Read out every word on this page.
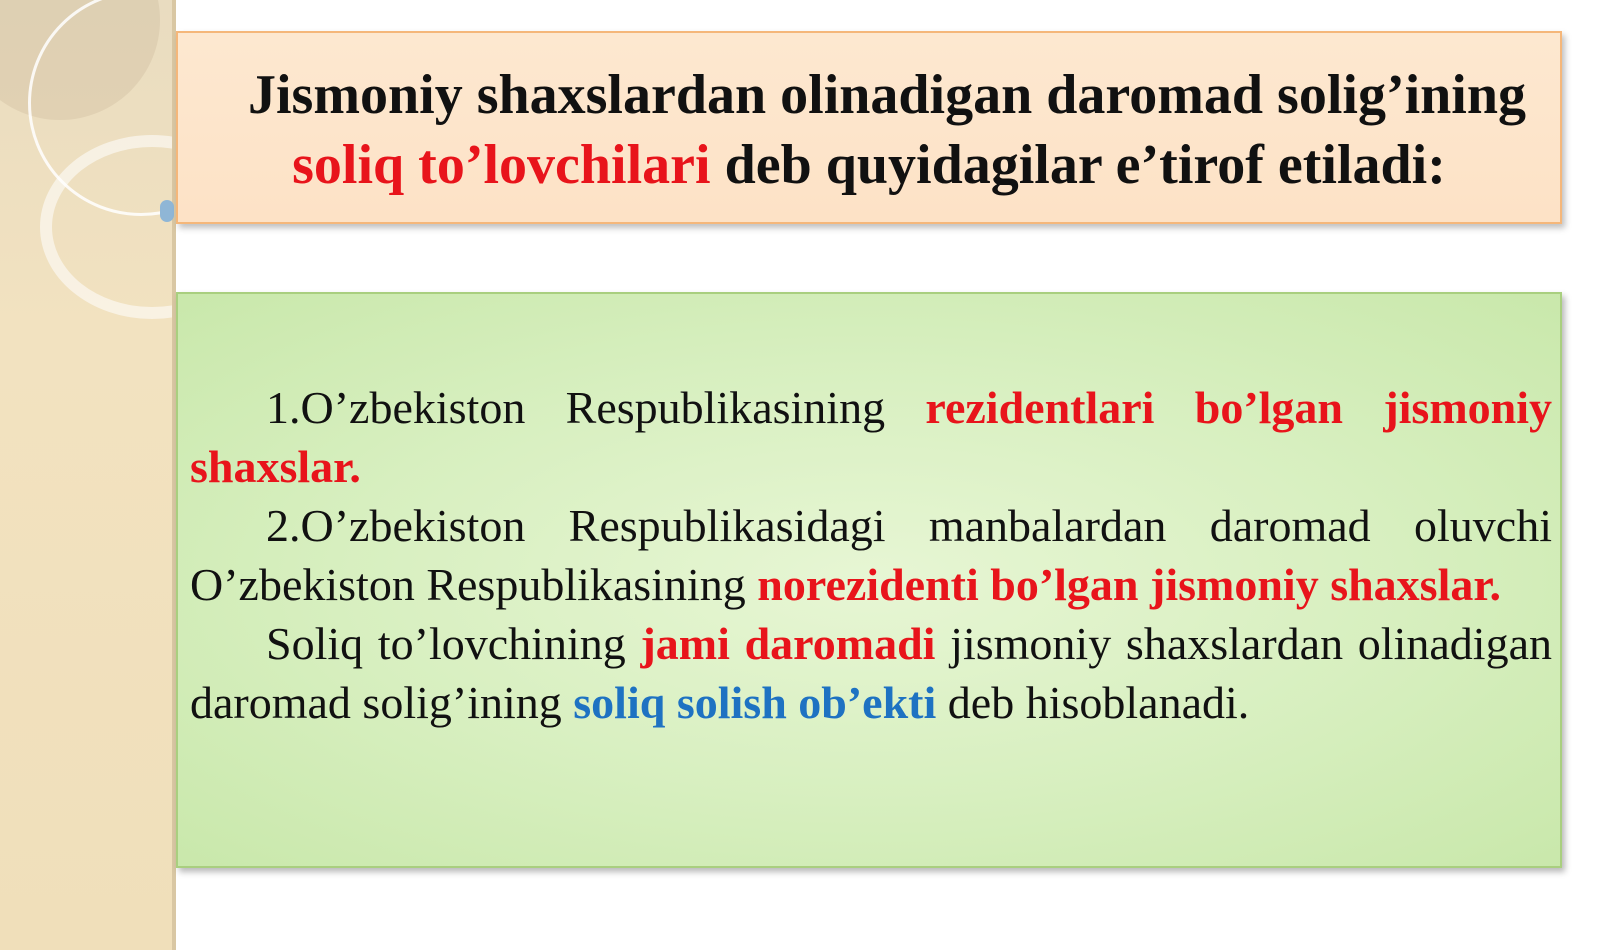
Jismoniy shaxslardan olinadigan daromad solig’ining
soliq to’lovchilari deb quyidagilar e’tirof etiladi:

1.O’zbekiston Respublikasining rezidentlari bo’lgan jismoniy shaxslar.

2.O’zbekiston Respublikasidagi manbalardan daromad oluvchi O’zbekiston Respublikasining norezidenti bo’lgan jismoniy shaxslar.

Soliq to’lovchining jami daromadi jismoniy shaxslardan olinadigan daromad solig’ining soliq solish ob’ekti deb hisoblanadi.
